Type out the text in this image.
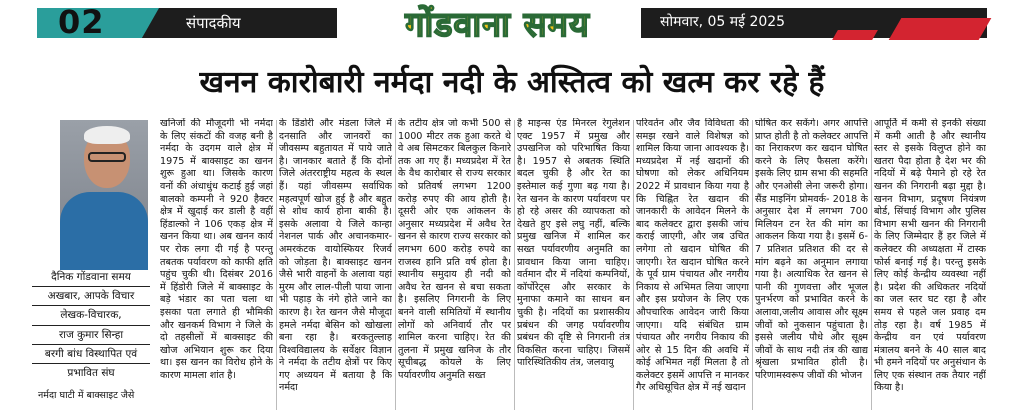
02	संपादकीय	गोंडवाना समय	सोमवार, 05 मई 2025
खनन कारोबारी नर्मदा नदी के अस्तित्व को खत्म कर रहे हैं
दैनिक गोंडवाना समय
अखबार, आपके विचार
लेखक-विचारक,
राज कुमार सिन्हा
बरगी बांध विस्थापित एवं
प्रभावित संघ
नर्मदा घाटी में बाक्साइट जैसे

खनिजों की मौजूदगी भी नर्मदा के लिए संकटों की वजह बनी है नर्मदा के उदगम वाले क्षेत्र में 1975 में बाक्साइट का खनन शुरू हुआ था। जिसके कारण वनों की अंधाधुंध कटाई हुई जहां बालको कम्पनी ने 920 हैक्टर क्षेत्र में खुदाई कर डाली है वहीं हिंडाल्को ने 106 एकड़ क्षेत्र में खनन किया था। अब खनन कार्य पर रोक लगा दी गई है परन्तु तबतक पर्यावरण को काफी क्षति पहुंच चुकी थी। दिसंबर 2016 में हिंडोरी जिले में बाक्साइट के बड़े भंडार का पता चला था इसका पता लगाते ही भौमिकी और खनकर्म विभाग ने जिले के दो तहसीलों में बाक्साइट की खोज अभियान शुरू कर दिया था। इस खनन का विरोध होने के कारण मामला शांत है।

के डिंडोरी और मंडला जिले में दनसाति और जानवरों का जीवसम्प बहुतायत में पाये जाते है। जानकार बताते हैं कि दोनों जिले अंतरराष्ट्रीय महत्व के स्थल हैं। यहां जीवसम्प सर्वाधिक महत्वपूर्ण खोज हुई है और बहुत से शोध कार्य होना बाकी है। इसके अलावा ये जिले कान्हा नेशनल पार्क और अचानकमार-अमरकंटक वायोस्फियर रिजर्व को जोड़ता है। बाक्साइट खनन जैसे भारी वाहनों के अलावा यहां मुरम और लाल-पीली पाया जाना भी पहाड़ के नंगे होते जाने का कारण है। रेत खनन जैसे मौजूदा हमले नर्मदा बेसिन को खोखला बना रहा है। बरकतुल्लाह विश्वविद्यालय के सर्वेक्षर विज्ञान ने नर्मदा के तटीय क्षेत्रों पर किए गए अध्ययन में बताया है कि नर्मदा

के तटीय क्षेत्र जो कभी 500 से 1000 मीटर तक हुआ करते थे वे अब सिमटकर बिलकुल किनारे तक आ गए हैं। मध्यप्रदेश में रेत के वैध कारोबार से राज्य सरकार को प्रतिवर्ष लगभग 1200 करोड़ रुपए की आय होती है। दूसरी ओर एक आंकलन के अनुसार मध्यप्रदेश में अवैध रेत खनन से कारण राज्य सरकार को लगभग 600 करोड़ रुपये का राजस्व हानि प्रति वर्ष होता है। स्थानीय समुदाय ही नदी को अवैध रेत खनन से बचा सकता है। इसलिए निगरानी के लिए बनने वाली समितियों में स्थानीय लोगों को अनिवार्य तौर पर शामिल करना चाहिए। रेत की तुलना में प्रमुख खनिज के तौर सूचीबद्ध कोयले के लिए पर्यावरणीय अनुमति सख्त

है माइन्स एंड मिनरल रेगुलेशन एक्ट 1957 में प्रमुख और उपखनिज को परिभाषित किया है। 1957 से अबतक स्थिति बदल चुकी है और रेत का इस्तेमाल कई गुणा बढ़ गया है। रेत खनन के कारण पर्यावरण पर हो रहे असर की व्यापकता को देखते हुए इसे लघु नहीं, बल्कि प्रमुख खनिज में शामिल कर सख्त पर्यावरणीय अनुमति का प्रावधान किया जाना चाहिए। वर्तमान दौर में नदियां कम्पनियों, कॉर्पोरेट्स और सरकार के मुनाफा कमाने का साधन बन चुकी है। नदियों का प्रशासकीय प्रबंधन की जगह पर्यावरणीय प्रबंधन की दृष्टि से निगरानी तंत्र विकसित करना चाहिए। जिसमें पारिस्थितिकीय तंत्र, जलवायु

परिवर्तन और जैव विविधता की समझ रखने वाले विशेषज्ञ को शामिल किया जाना आवश्यक है। मध्यप्रदेश में नई खदानों की घोषणा को लेकर अधिनियम 2022 में प्रावधान किया गया है कि चिह्नित रेत खदान की जानकारी के आवेदन मिलने के बाद कलेक्टर द्वारा इसकी जांच कराई जाएगी, और जब उचित लगेगा तो खदान घोषित की जाएगी। रेत खदान घोषित करने के पूर्व ग्राम पंचायत और नगरीय निकाय से अभिमत लिया जाएगा और इस प्रयोजन के लिए एक औपचारिक आवेदन जारी किया जाएगा। यदि संबंधित ग्राम पंचायत और नगरीय निकाय की ओर से 15 दिन की अवधि में कोई अभिमत नहीं मिलता है तो कलेक्टर इसमें आपत्ति न मानकर गैर अधिसूचित क्षेत्र में नई खदान

घोषित कर सकेंगे। अगर आपत्ति प्राप्त होती है तो कलेक्टर आपत्ति का निराकरण कर खदान घोषित करने के लिए फैसला करेंगे। इसके लिए ग्राम सभा की सहमति और एनओसी लेना जरूरी होगा। सैंड माइनिंग प्रोमवर्क- 2018 के अनुसार देश में लगभग 700 मिलियन टन रेत की मांग का आकलन किया गया है। इसमें 6-7 प्रतिशत प्रतिशत की दर से मांग बढ़ने का अनुमान लगाया गया है। अत्याधिक रेत खनन से पानी की गुणवत्ता और भूजल पुनर्भरण को प्रभावित करने के अलावा,जलीय आवास और सूक्ष्म जीवों को नुकसान पहुंचाता है। इससे जलीय पौधे और सूक्ष्म जीवों के साथ नदी तंत्र की खाद्य श्रृंखला प्रभावित होती है। परिणामस्वरूप जीवों की भोजन

आपूर्ति में कमी से इनकी संख्या में कमी आती है और स्थानीय स्तर से इसके विलुप्त होने का खतरा पैदा होता है देश भर की नदियों में बढ़े पैमाने हो रहे रेत खनन की निगरानी बढ़ा मुद्दा है। खनन विभाग, प्रदूषण नियंत्रण बोर्ड, सिंचाई विभाग और पुलिस विभाग सभी खनन की निगरानी के लिए जिम्मेदार हैं हर जिले में कलेक्टर की अध्यक्षता में टास्क फोर्स बनाई गई है। परन्तु इसके लिए कोई केन्द्रीय व्यवस्था नहीं है। प्रदेश की अधिकतर नदियों का जल स्तर घट रहा है और समय से पहले जल प्रवाह दम तोड़ रहा है। वर्ष 1985 में केन्द्रीय वन एवं पर्यावरण मंत्रालय बनने के 40 साल बाद भी हमने नदियों पर अनुसंधान के लिए एक संस्थान तक तैयार नहीं किया है।
